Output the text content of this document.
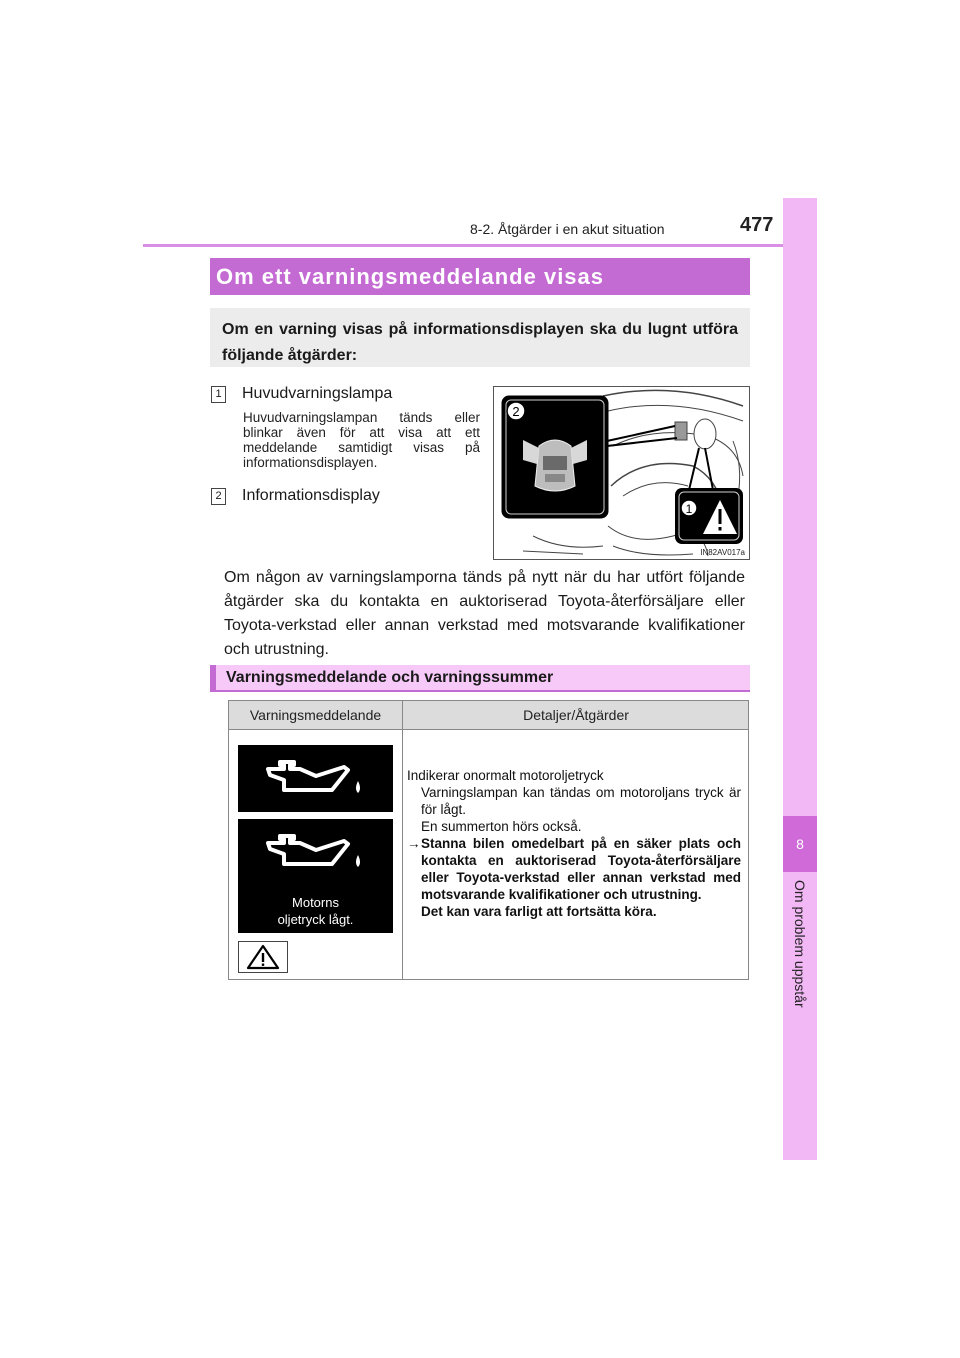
8-2. Åtgärder i en akut situation	477
8
Om problem uppstår
Om ett varningsmeddelande visas
Om en varning visas på informationsdisplayen ska du lugnt utföra följande åtgärder:
1 Huvudvarningslampa
Huvudvarningslampan tänds eller blinkar även för att visa att ett meddelande samtidigt visas på informationsdisplayen.
2 Informationsdisplay
2
1
IN82AV017a
Om någon av varningslamporna tänds på nytt när du har utfört följande åtgärder ska du kontakta en auktoriserad Toyota-återförsäljare eller Toyota-verkstad eller annan verkstad med motsvarande kvalifikationer och utrustning.
Varningsmeddelande och varningssummer
Varningsmeddelande	Detaljer/Åtgärder
Motorns
oljetryck lågt.
Indikerar onormalt motoroljetryck
Varningslampan kan tändas om motoroljans tryck är för lågt.
En summerton hörs också.
→ Stanna bilen omedelbart på en säker plats och kontakta en auktoriserad Toyota-återförsäljare eller Toyota-verkstad eller annan verkstad med motsvarande kvalifikationer och utrustning.
Det kan vara farligt att fortsätta köra.
